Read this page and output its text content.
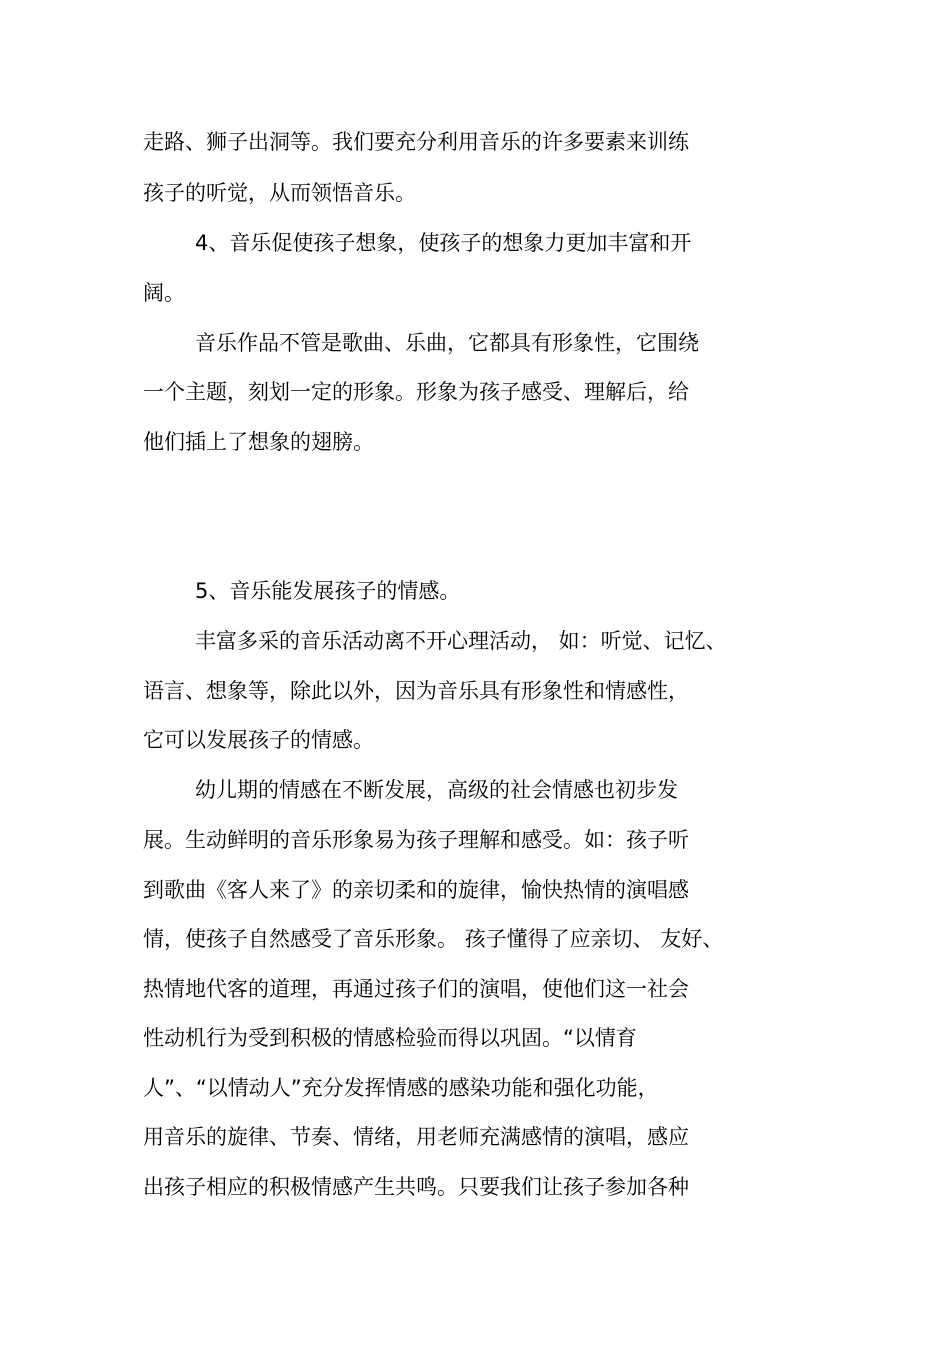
走路、狮子出洞等。我们要充分利用音乐的许多要素来训练
孩子的听觉，从而领悟音乐。
4、音乐促使孩子想象，使孩子的想象力更加丰富和开
阔。
音乐作品不管是歌曲、乐曲，它都具有形象性，它围绕
一个主题，刻划一定的形象。形象为孩子感受、理解后，给
他们插上了想象的翅膀。
5、音乐能发展孩子的情感。
丰富多采的音乐活动离不开心理活动， 如：听觉、记忆、
语言、想象等，除此以外，因为音乐具有形象性和情感性，
它可以发展孩子的情感。
幼儿期的情感在不断发展，高级的社会情感也初步发
展。生动鲜明的音乐形象易为孩子理解和感受。如：孩子听
到歌曲《客人来了》的亲切柔和的旋律，愉快热情的演唱感
情，使孩子自然感受了音乐形象。 孩子懂得了应亲切、 友好、
热情地代客的道理，再通过孩子们的演唱，使他们这一社会
性动机行为受到积极的情感检验而得以巩固。“以情育
人”、“以情动人”充分发挥情感的感染功能和强化功能，
用音乐的旋律、节奏、情绪，用老师充满感情的演唱，感应
出孩子相应的积极情感产生共鸣。只要我们让孩子参加各种
